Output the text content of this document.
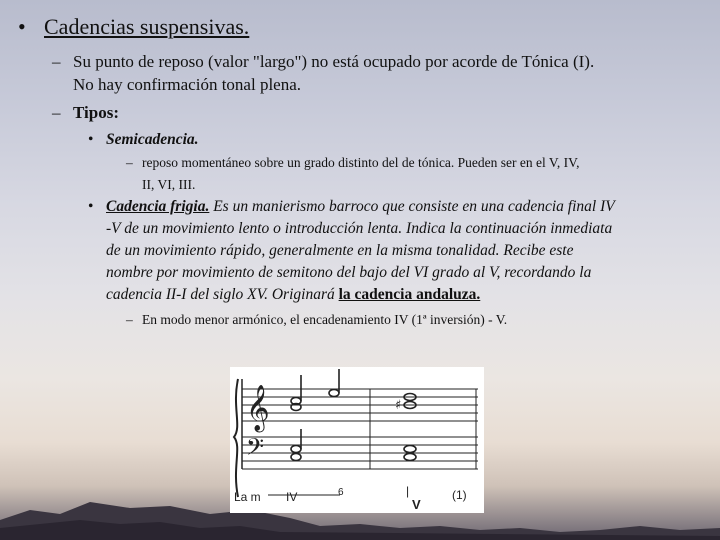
• Cadencias suspensivas.
– Su punto de reposo (valor "largo") no está ocupado por acorde de Tónica (I).
No hay confirmación tonal plena.
– Tipos:
• Semicadencia.
– reposo momentáneo sobre un grado distinto del de tónica. Pueden ser en el V, IV,
II, VI, III.
• Cadencia frigia. Es un manierismo barroco que consiste en una cadencia final IV
-V de un movimiento lento o introducción lenta. Indica la continuación inmediata
de un movimiento rápido, generalmente en la misma tonalidad. Recibe este
nombre por movimiento de semitono del bajo del VI grado al V, recordando la
cadencia II-I del siglo XV. Originará la cadencia andaluza.
– En modo menor armónico, el encadenamiento IV (1ª inversión) - V.
𝄞
𝄢
♯
La m IV	6
V
|	(1)
